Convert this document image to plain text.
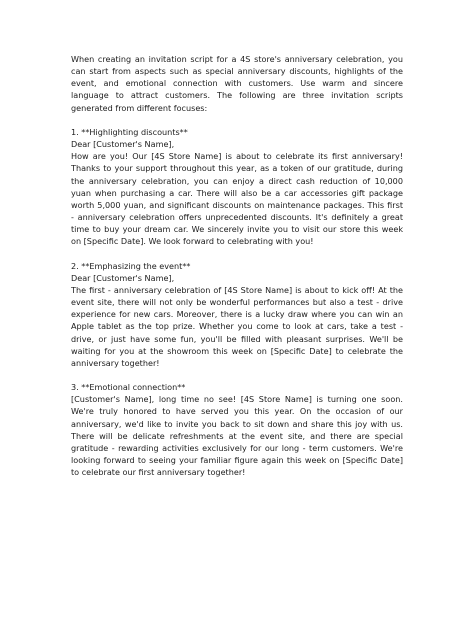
When creating an invitation script for a 4S store's anniversary celebration, you can start from aspects such as special anniversary discounts, highlights of the event, and emotional connection with customers. Use warm and sincere language to attract customers. The following are three invitation scripts generated from different focuses:

1. **Highlighting discounts**

Dear [Customer's Name],

How are you! Our [4S Store Name] is about to celebrate its first anniversary! Thanks to your support throughout this year, as a token of our gratitude, during the anniversary celebration, you can enjoy a direct cash reduction of 10,000 yuan when purchasing a car. There will also be a car accessories gift package worth 5,000 yuan, and significant discounts on maintenance packages. This first - anniversary celebration offers unprecedented discounts. It's definitely a great time to buy your dream car. We sincerely invite you to visit our store this week on [Specific Date]. We look forward to celebrating with you!

2. **Emphasizing the event**

Dear [Customer's Name],

The first - anniversary celebration of [4S Store Name] is about to kick off! At the event site, there will not only be wonderful performances but also a test - drive experience for new cars. Moreover, there is a lucky draw where you can win an Apple tablet as the top prize. Whether you come to look at cars, take a test - drive, or just have some fun, you'll be filled with pleasant surprises. We'll be waiting for you at the showroom this week on [Specific Date] to celebrate the anniversary together!

3. **Emotional connection**

[Customer's Name], long time no see! [4S Store Name] is turning one soon. We're truly honored to have served you this year. On the occasion of our anniversary, we'd like to invite you back to sit down and share this joy with us. There will be delicate refreshments at the event site, and there are special gratitude - rewarding activities exclusively for our long - term customers. We're looking forward to seeing your familiar figure again this week on [Specific Date] to celebrate our first anniversary together!
